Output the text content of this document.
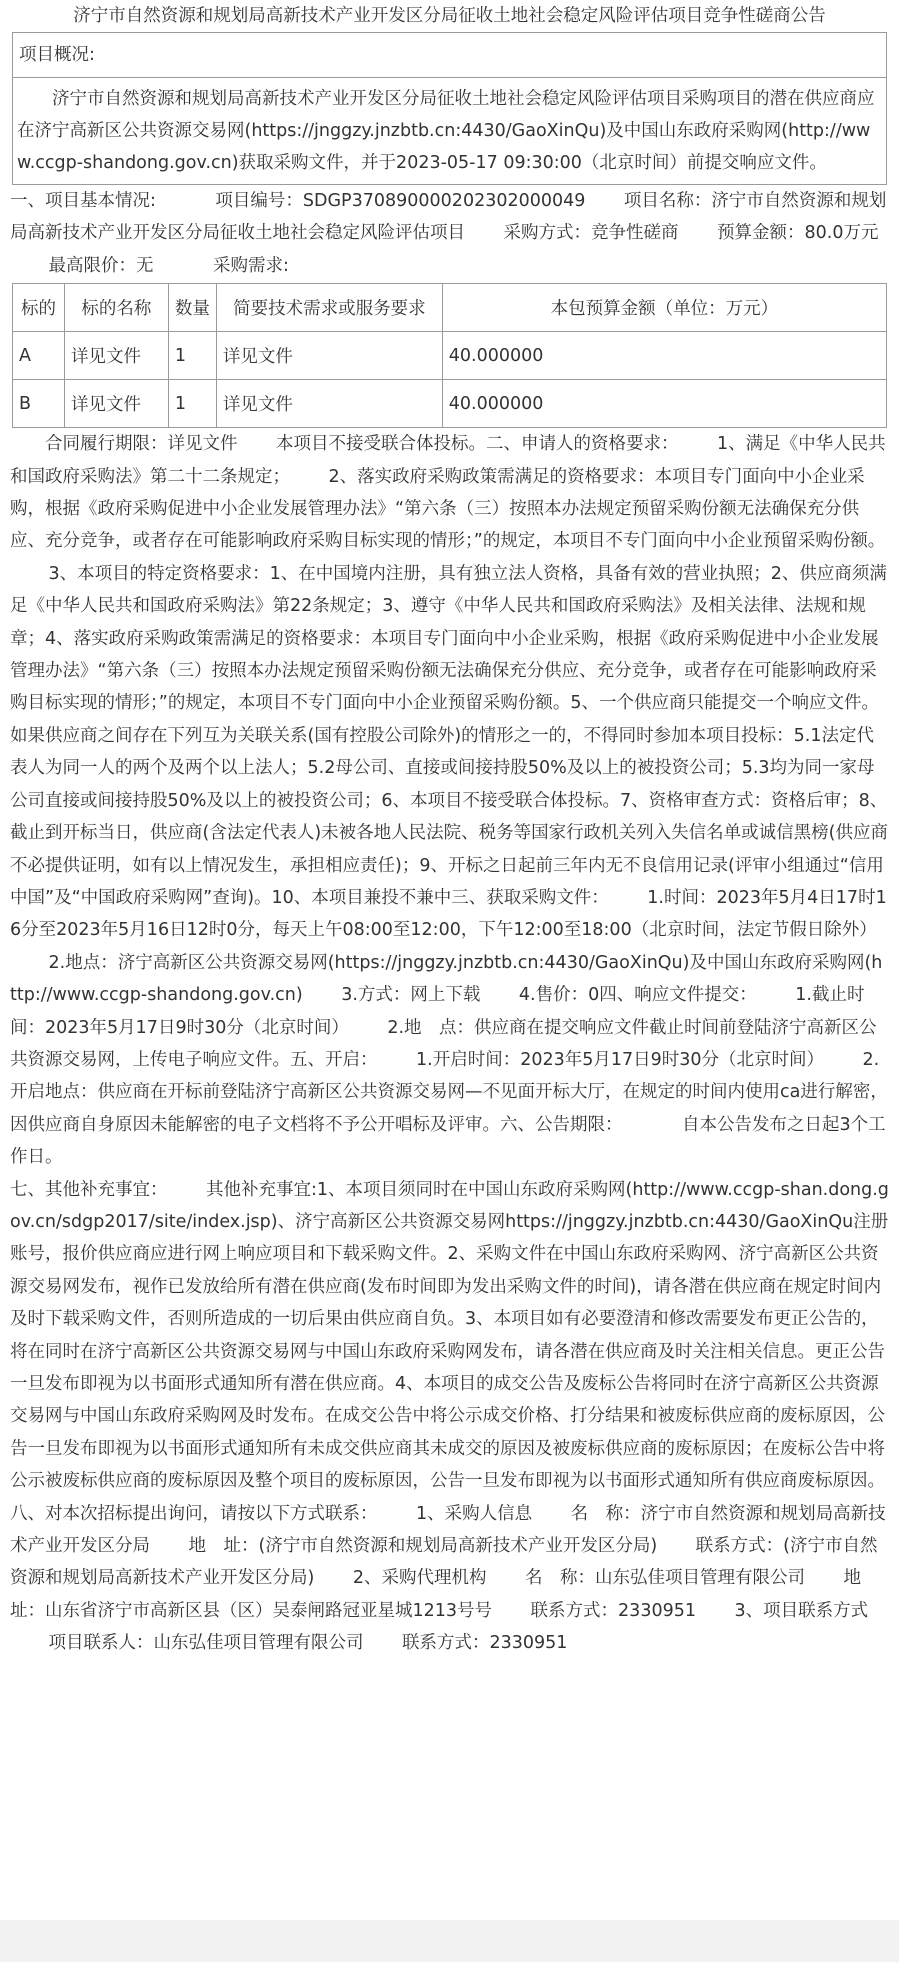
济宁市自然资源和规划局高新技术产业开发区分局征收土地社会稳定风险评估项目竞争性磋商公告
项目概况:
济宁市自然资源和规划局高新技术产业开发区分局征收土地社会稳定风险评估项目采购项目的潜在供应商应在济宁高新区公共资源交易网(https://jnggzy.jnzbtb.cn:4430/GaoXinQu)及中国山东政府采购网(http://www.ccgp-shandong.gov.cn)获取采购文件，并于2023-05-17 09:30:00（北京时间）前提交响应文件。
一、项目基本情况:	项目编号：SDGP370890000202302000049 项目名称：济宁市自然资源和规划局高新技术产业开发区分局征收土地社会稳定风险评估项目 采购方式：竞争性磋商 预算金额：80.0万元最高限价：无	采购需求:
标的	标的名称	数量	简要技术需求或服务要求	本包预算金额（单位：万元）
A	详见文件	1	详见文件	40.000000
B	详见文件	1	详见文件	40.000000
合同履行期限：详见文件 本项目不接受联合体投标。二、申请人的资格要求： 1、满足《中华人民共和国政府采购法》第二十二条规定； 2、落实政府采购政策需满足的资格要求：本项目专门面向中小企业采购，根据《政府采购促进中小企业发展管理办法》“第六条（三）按照本办法规定预留采购份额无法确保充分供应、充分竞争，或者存在可能影响政府采购目标实现的情形；”的规定，本项目不专门面向中小企业预留采购份额。3、本项目的特定资格要求：1、在中国境内注册，具有独立法人资格，具备有效的营业执照；2、供应商须满足《中华人民共和国政府采购法》第22条规定；3、遵守《中华人民共和国政府采购法》及相关法律、法规和规章；4、落实政府采购政策需满足的资格要求：本项目专门面向中小企业采购，根据《政府采购促进中小企业发展管理办法》“第六条（三）按照本办法规定预留采购份额无法确保充分供应、充分竞争，或者存在可能影响政府采购目标实现的情形；”的规定，本项目不专门面向中小企业预留采购份额。5、一个供应商只能提交一个响应文件。如果供应商之间存在下列互为关联关系(国有控股公司除外)的情形之一的，不得同时参加本项目投标：5.1法定代表人为同一人的两个及两个以上法人；5.2母公司、直接或间接持股50%及以上的被投资公司；5.3均为同一家母公司直接或间接持股50%及以上的被投资公司；6、本项目不接受联合体投标。7、资格审查方式：资格后审；8、截止到开标当日，供应商(含法定代表人)未被各地人民法院、税务等国家行政机关列入失信名单或诚信黑榜(供应商不必提供证明，如有以上情况发生，承担相应责任)；9、开标之日起前三年内无不良信用记录(评审小组通过“信用中国”及“中国政府采购网”查询)。10、本项目兼投不兼中三、获取采购文件： 1.时间：2023年5月4日17时16分至2023年5月16日12时0分，每天上午08:00至12:00，下午12:00至18:00（北京时间，法定节假日除外）2.地点：济宁高新区公共资源交易网(https://jnggzy.jnzbtb.cn:4430/GaoXinQu)及中国山东政府采购网(http://www.ccgp-shandong.gov.cn) 3.方式：网上下载 4.售价：0四、响应文件提交： 1.截止时间：2023年5月17日9时30分（北京时间） 2.地　点：供应商在提交响应文件截止时间前登陆济宁高新区公共资源交易网，上传电子响应文件。五、开启： 1.开启时间：2023年5月17日9时30分（北京时间） 2.开启地点：供应商在开标前登陆济宁高新区公共资源交易网—不见面开标大厅，在规定的时间内使用ca进行解密，因供应商自身原因未能解密的电子文档将不予公开唱标及评审。六、公告期限：	自本公告发布之日起3个工作日。
七、其他补充事宜： 其他补充事宜:1、本项目须同时在中国山东政府采购网(http://www.ccgp-shan.dong.gov.cn/sdgp2017/site/index.jsp)、济宁高新区公共资源交易网https://jnggzy.jnzbtb.cn:4430/GaoXinQu注册账号，报价供应商应进行网上响应项目和下载采购文件。2、采购文件在中国山东政府采购网、济宁高新区公共资源交易网发布，视作已发放给所有潜在供应商(发布时间即为发出采购文件的时间)，请各潜在供应商在规定时间内及时下载采购文件，否则所造成的一切后果由供应商自负。3、本项目如有必要澄清和修改需要发布更正公告的，将在同时在济宁高新区公共资源交易网与中国山东政府采购网发布，请各潜在供应商及时关注相关信息。更正公告一旦发布即视为以书面形式通知所有潜在供应商。4、本项目的成交公告及废标公告将同时在济宁高新区公共资源交易网与中国山东政府采购网及时发布。在成交公告中将公示成交价格、打分结果和被废标供应商的废标原因，公告一旦发布即视为以书面形式通知所有未成交供应商其未成交的原因及被废标供应商的废标原因；在废标公告中将公示被废标供应商的废标原因及整个项目的废标原因，公告一旦发布即视为以书面形式通知所有供应商废标原因。八、对本次招标提出询问，请按以下方式联系： 1、采购人信息 名　称：济宁市自然资源和规划局高新技术产业开发区分局 地　址：(济宁市自然资源和规划局高新技术产业开发区分局) 联系方式：(济宁市自然资源和规划局高新技术产业开发区分局) 2、采购代理机构 名　称：山东弘佳项目管理有限公司 地　址：山东省济宁市高新区县（区）吴泰闸路冠亚星城1213号号 联系方式：2330951 3、项目联系方式项目联系人：山东弘佳项目管理有限公司 联系方式：2330951
